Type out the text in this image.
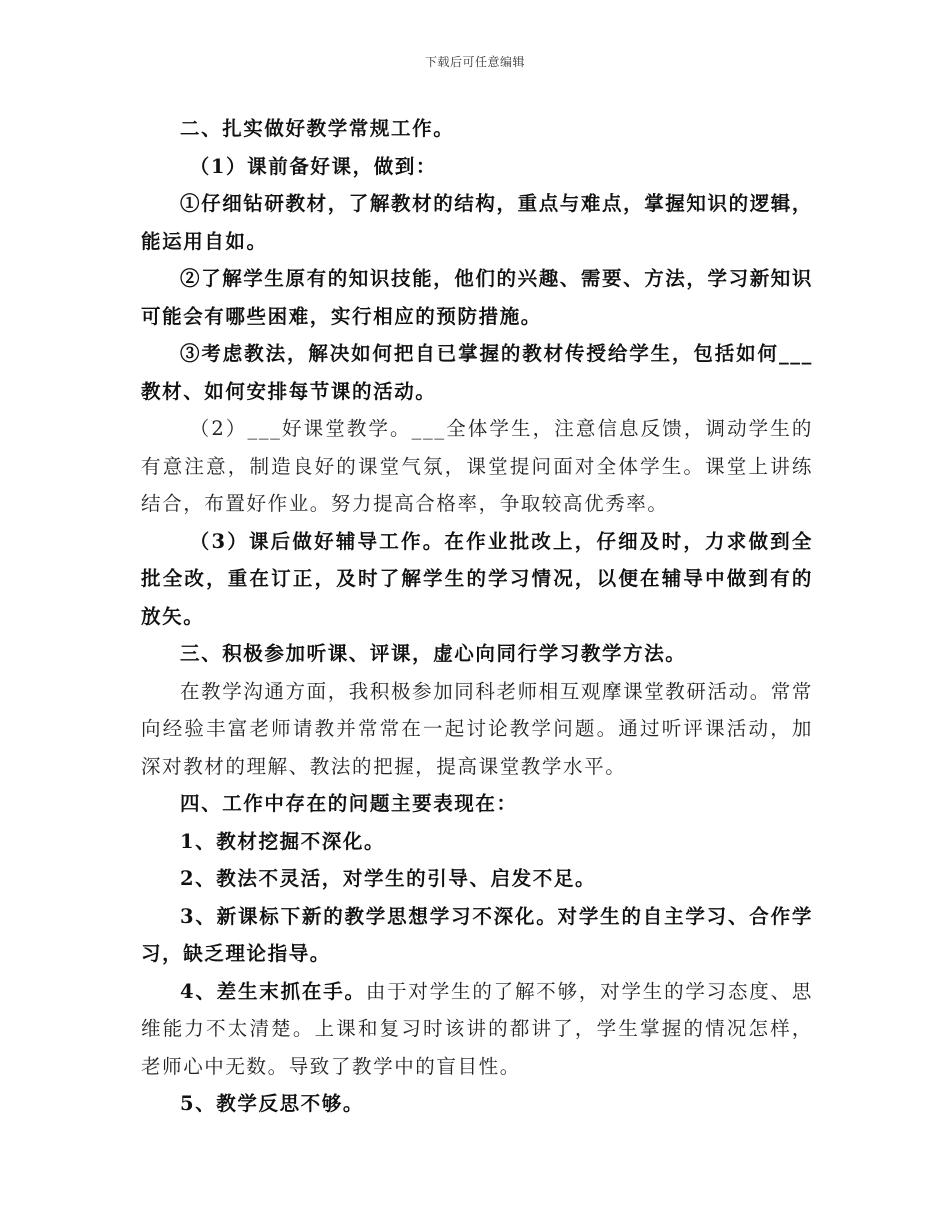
下载后可任意编辑

二、扎实做好教学常规工作。

（1）课前备好课，做到：

①仔细钻研教材，了解教材的结构，重点与难点，掌握知识的逻辑，能运用自如。

②了解学生原有的知识技能，他们的兴趣、需要、方法，学习新知识可能会有哪些困难，实行相应的预防措施。

③考虑教法，解决如何把自已掌握的教材传授给学生，包括如何___教材、如何安排每节课的活动。

（2）___好课堂教学。___全体学生，注意信息反馈，调动学生的有意注意，制造良好的课堂气氛，课堂提问面对全体学生。课堂上讲练结合，布置好作业。努力提高合格率，争取较高优秀率。

（3）课后做好辅导工作。在作业批改上，仔细及时，力求做到全批全改，重在订正，及时了解学生的学习情况，以便在辅导中做到有的放矢。

三、积极参加听课、评课，虚心向同行学习教学方法。

在教学沟通方面，我积极参加同科老师相互观摩课堂教研活动。常常向经验丰富老师请教并常常在一起讨论教学问题。通过听评课活动，加深对教材的理解、教法的把握，提高课堂教学水平。

四、工作中存在的问题主要表现在：

1、教材挖掘不深化。

2、教法不灵活，对学生的引导、启发不足。

3、新课标下新的教学思想学习不深化。对学生的自主学习、合作学习，缺乏理论指导。

4、差生末抓在手。由于对学生的了解不够，对学生的学习态度、思维能力不太清楚。上课和复习时该讲的都讲了，学生掌握的情况怎样，老师心中无数。导致了教学中的盲目性。

5、教学反思不够。
